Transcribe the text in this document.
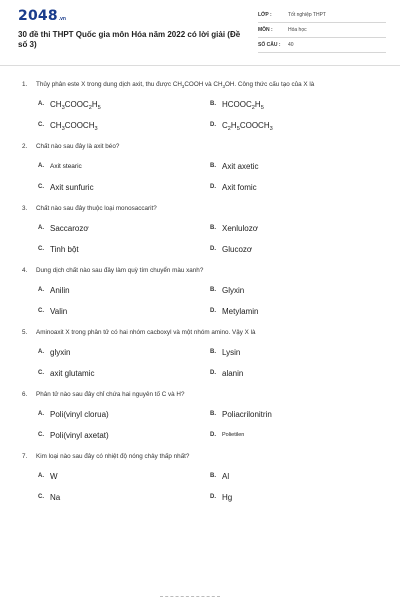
2048 .vn
30 đề thi THPT Quốc gia môn Hóa năm 2022 có lời giải (Đề số 3)
LỚP :	Tốt nghiệp THPT
MÔN :	Hóa học
SỐ CÂU :	40
1.	Thủy phân este X trong dung dịch axit, thu được $CH_3COOH$ và $CH_3OH$. Công thức cấu tạo của X là
A. $CH_3COOC_2H_5$
B. $HCOOC_2H_5$
C. $CH_3COOCH_3$
D. $C_2H_5COOCH_3$
2.	Chất nào sau đây là axit béo?
A. Axit stearic	B. Axit axetic
C. Axit sunfuric	D. Axit fomic
3.	Chất nào sau đây thuộc loại monosaccarit?
A. Saccarozơ	B. Xenlulozơ
C. Tinh bột	D. Glucozơ
4.	Dung dịch chất nào sau đây làm quỳ tím chuyển màu xanh?
A. Anilin	B. Glyxin
C. Valin	D. Metylamin
5.	Aminoaxit X trong phân tử có hai nhóm cacboxyl và một nhóm amino. Vậy X là
A. glyxin	B. Lysin
C. axit glutamic	D. alanin
6.	Phân tử nào sau đây chỉ chứa hai nguyên tố C và H?
A. Poli(vinyl clorua)	B. Poliacrilonitrin
C. Poli(vinyl axetat)	D.	Polietilen
7.	Kim loại nào sau đây có nhiệt độ nóng chảy thấp nhất?
A. W	B. Al
C. Na	D. Hg
